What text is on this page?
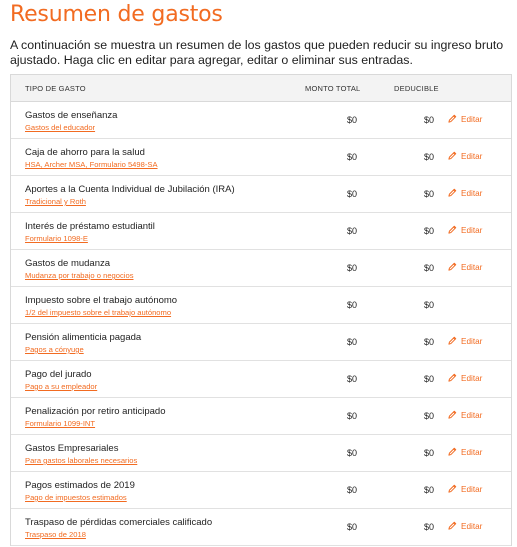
Resumen de gastos
A continuación se muestra un resumen de los gastos que pueden reducir su ingreso bruto ajustado. Haga clic en editar para agregar, editar o eliminar sus entradas.
TIPO DE GASTO	MONTO TOTAL	DEDUCIBLE
Gastos de enseñanza
Gastos del educador
$0	$0	Editar
Caja de ahorro para la salud
HSA, Archer MSA, Formulario 5498-SA
$0	$0	Editar
Aportes a la Cuenta Individual de Jubilación (IRA)
Tradicional y Roth
$0	$0	Editar
Interés de préstamo estudiantil
Formulario 1098-E
$0	$0	Editar
Gastos de mudanza
Mudanza por trabajo o negocios
$0	$0	Editar
Impuesto sobre el trabajo autónomo
1/2 del impuesto sobre el trabajo autónomo
$0	$0
Pensión alimenticia pagada
Pagos a cónyuge
$0	$0	Editar
Pago del jurado
Pago a su empleador
$0	$0	Editar
Penalización por retiro anticipado
Formulario 1099-INT
$0	$0	Editar
Gastos Empresariales
Para gastos laborales necesarios
$0	$0	Editar
Pagos estimados de 2019
Pago de impuestos estimados
$0	$0	Editar
Traspaso de pérdidas comerciales calificado
Traspaso de 2018
$0	$0	Editar
